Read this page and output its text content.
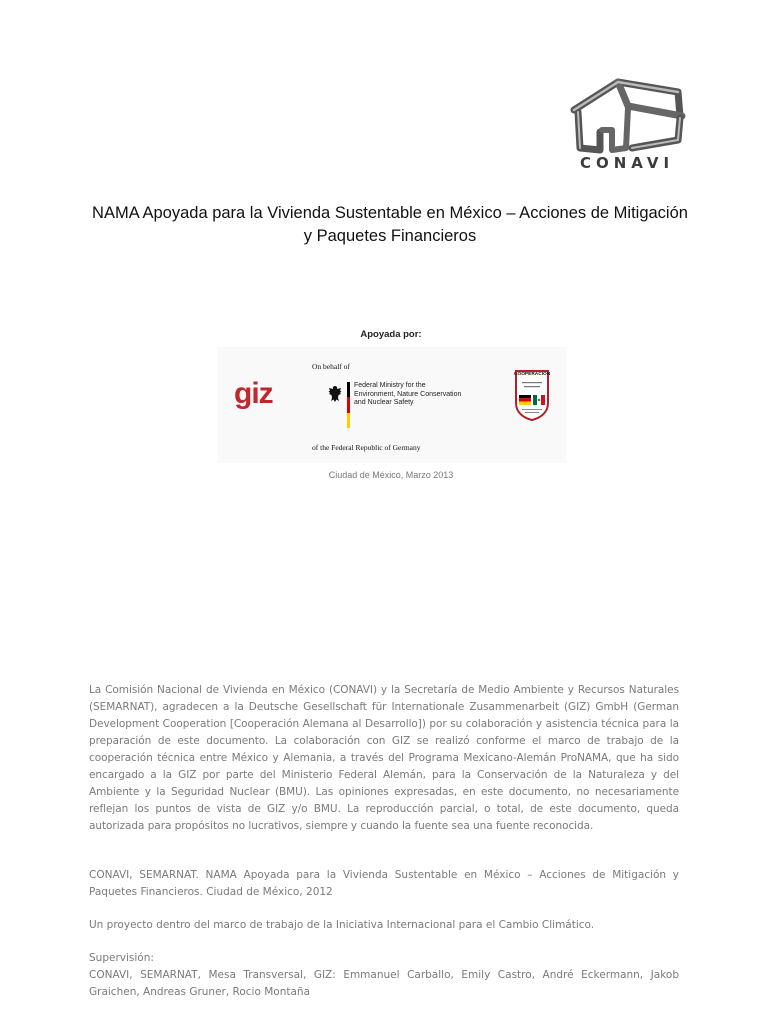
CONAVI
NAMA Apoyada para la Vivienda Sustentable en México – Acciones de Mitigación y Paquetes Financieros
Apoyada por:
giz
On behalf of
Federal Ministry for the
Environment, Nature Conservation
and Nuclear Safety
of the Federal Republic of Germany
COOPERACION
Ciudad de México, Marzo 2013
La Comisión Nacional de Vivienda en México (CONAVI) y la Secretaría de Medio Ambiente y Recursos Naturales (SEMARNAT), agradecen a la Deutsche Gesellschaft für Internationale Zusammenarbeit (GIZ) GmbH (German Development Cooperation [Cooperación Alemana al Desarrollo]) por su colaboración y asistencia técnica para la preparación de este documento. La colaboración con GIZ se realizó conforme el marco de trabajo de la cooperación técnica entre México y Alemania, a través del Programa Mexicano-Alemán ProNAMA, que ha sido encargado a la GIZ por parte del Ministerio Federal Alemán, para la Conservación de la Naturaleza y del Ambiente y la Seguridad Nuclear (BMU). Las opiniones expresadas, en este documento, no necesariamente reflejan los puntos de vista de GIZ y/o BMU. La reproducción parcial, o total, de este documento, queda autorizada para propósitos no lucrativos, siempre y cuando la fuente sea una fuente reconocida.
CONAVI, SEMARNAT. NAMA Apoyada para la Vivienda Sustentable en México – Acciones de Mitigación y Paquetes Financieros. Ciudad de México, 2012
Un proyecto dentro del marco de trabajo de la Iniciativa Internacional para el Cambio Climático.
Supervisión:
CONAVI, SEMARNAT, Mesa Transversal, GIZ: Emmanuel Carballo, Emily Castro, André Eckermann, Jakob Graichen, Andreas Gruner, Rocio Montaña
